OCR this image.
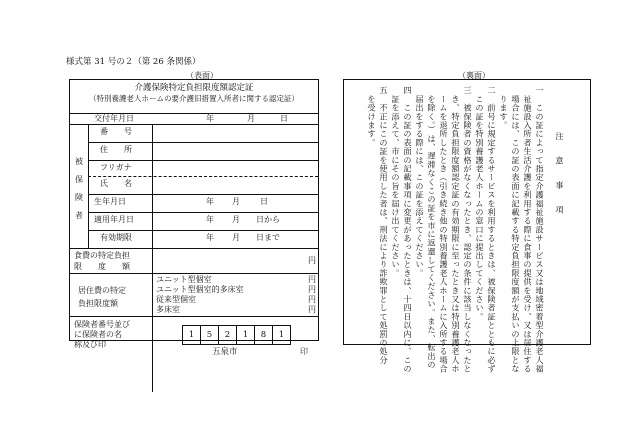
様式第 31 号の２（第 26 条関係）
（表面）	（裏面）
介護保険特定負担限度額認定証
（特別養護老人ホームの要介護旧措置入所者に関する認定証）
交付年月日	年	月	日
被
保
険
者
番　　号
住　　所
フリガナ
氏　　名
生年月日	年 月	日
適用年月日	年 月 日から
有効期限	年 月 日まで
食費の特定負担
限　　度　　額
円
居住費の特定
負担限度額
ユニット型個室	円
ユニット型個室的多床室	円
従来型個室	円
多床室	円
保険者番号並び
に保険者の名
称及び印
1	5	2	1	8	1
五泉市	印
注　意　事　項
一　この証によって指定介護福祉施設サービス又は地域密着型介護老人福
　祉施設入所者生活介護を利用する際に食事の提供を受け、又は居住する
　場合には、この証の表面に記載する特定負担限度額が支払いの上限とな
　ります。
二　前号に規定するサービスを利用するときは、被保険者証とともに必ず
　この証を特別養護老人ホームの窓口に提出してください。
三　被保険者の資格がなくなったとき、認定の条件に該当しなくなったと
　き、特定負担限度額認定証の有効期限に至ったとき又は特別養護老人ホ
　ームを退所したとき（引き続き他の特別養護老人ホームに入所する場合
　を除く。）は、遅滞なくこの証を市に返還してください。また、転出の
　届出をする際には、この証を添えてください。
四　この証の表面の記載事項に変更があったときは、十四日以内に、この
　証を添えて、市にその旨を届け出てください。
五　不正にこの証を使用した者は、刑法により詐欺罪として処罰の処分
　を受けます。
